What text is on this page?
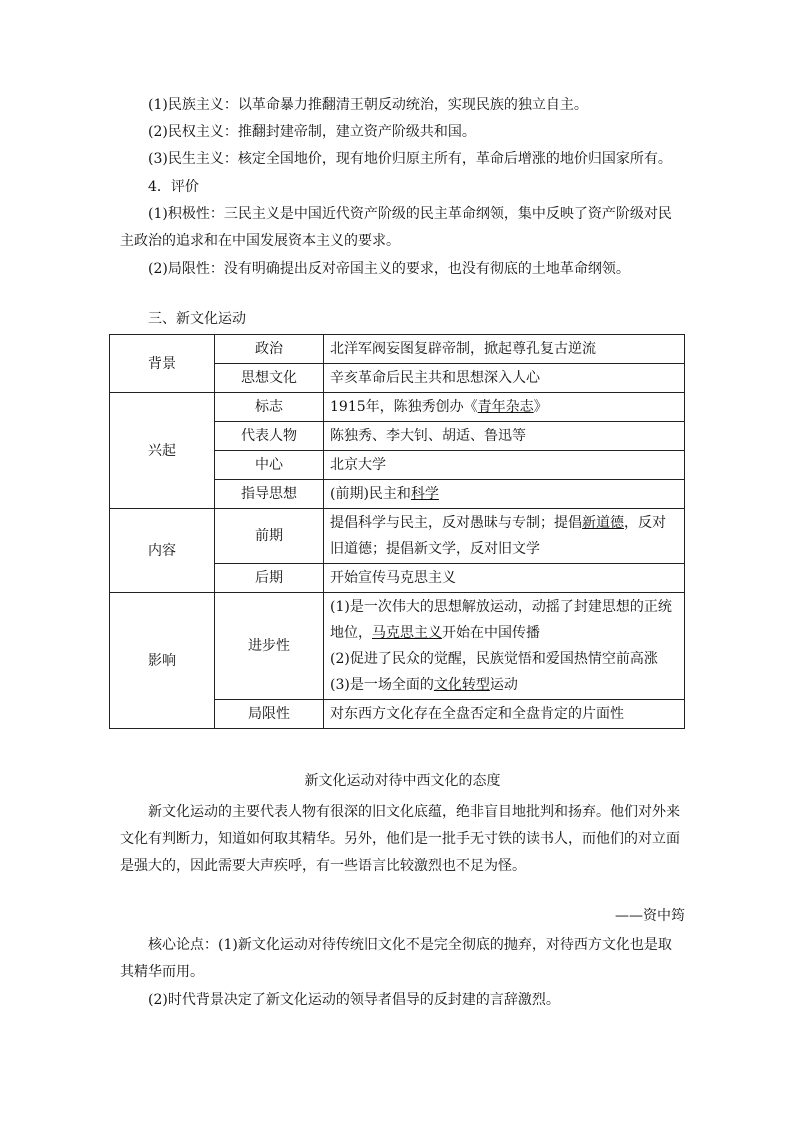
(1)民族主义：以革命暴力推翻清王朝反动统治，实现民族的独立自主。

(2)民权主义：推翻封建帝制，建立资产阶级共和国。

(3)民生主义：核定全国地价，现有地价归原主所有，革命后增涨的地价归国家所有。

4．评价

(1)积极性：三民主义是中国近代资产阶级的民主革命纲领，集中反映了资产阶级对民主政治的追求和在中国发展资本主义的要求。

(2)局限性：没有明确提出反对帝国主义的要求，也没有彻底的土地革命纲领。

三、新文化运动

背景	政治	北洋军阀妄图复辟帝制，掀起尊孔复古逆流
	思想文化	辛亥革命后民主共和思想深入人心
兴起	标志	1915年，陈独秀创办《青年杂志》
	代表人物	陈独秀、李大钊、胡适、鲁迅等
	中心	北京大学
	指导思想	(前期)民主和科学
内容	前期	提倡科学与民主，反对愚昧与专制；提倡新道德，反对旧道德；提倡新文学，反对旧文学
	后期	开始宣传马克思主义
影响	进步性	(1)是一次伟大的思想解放运动，动摇了封建思想的正统地位，马克思主义开始在中国传播
(2)促进了民众的觉醒，民族觉悟和爱国热情空前高涨
(3)是一场全面的文化转型运动

	局限性	对东西方文化存在全盘否定和全盘肯定的片面性
新文化运动对待中西文化的态度

新文化运动的主要代表人物有很深的旧文化底蕴，绝非盲目地批判和扬弃。他们对外来文化有判断力，知道如何取其精华。另外，他们是一批手无寸铁的读书人，而他们的对立面是强大的，因此需要大声疾呼，有一些语言比较激烈也不足为怪。

——资中筠

核心论点：(1)新文化运动对待传统旧文化不是完全彻底的抛弃，对待西方文化也是取其精华而用。

(2)时代背景决定了新文化运动的领导者倡导的反封建的言辞激烈。
